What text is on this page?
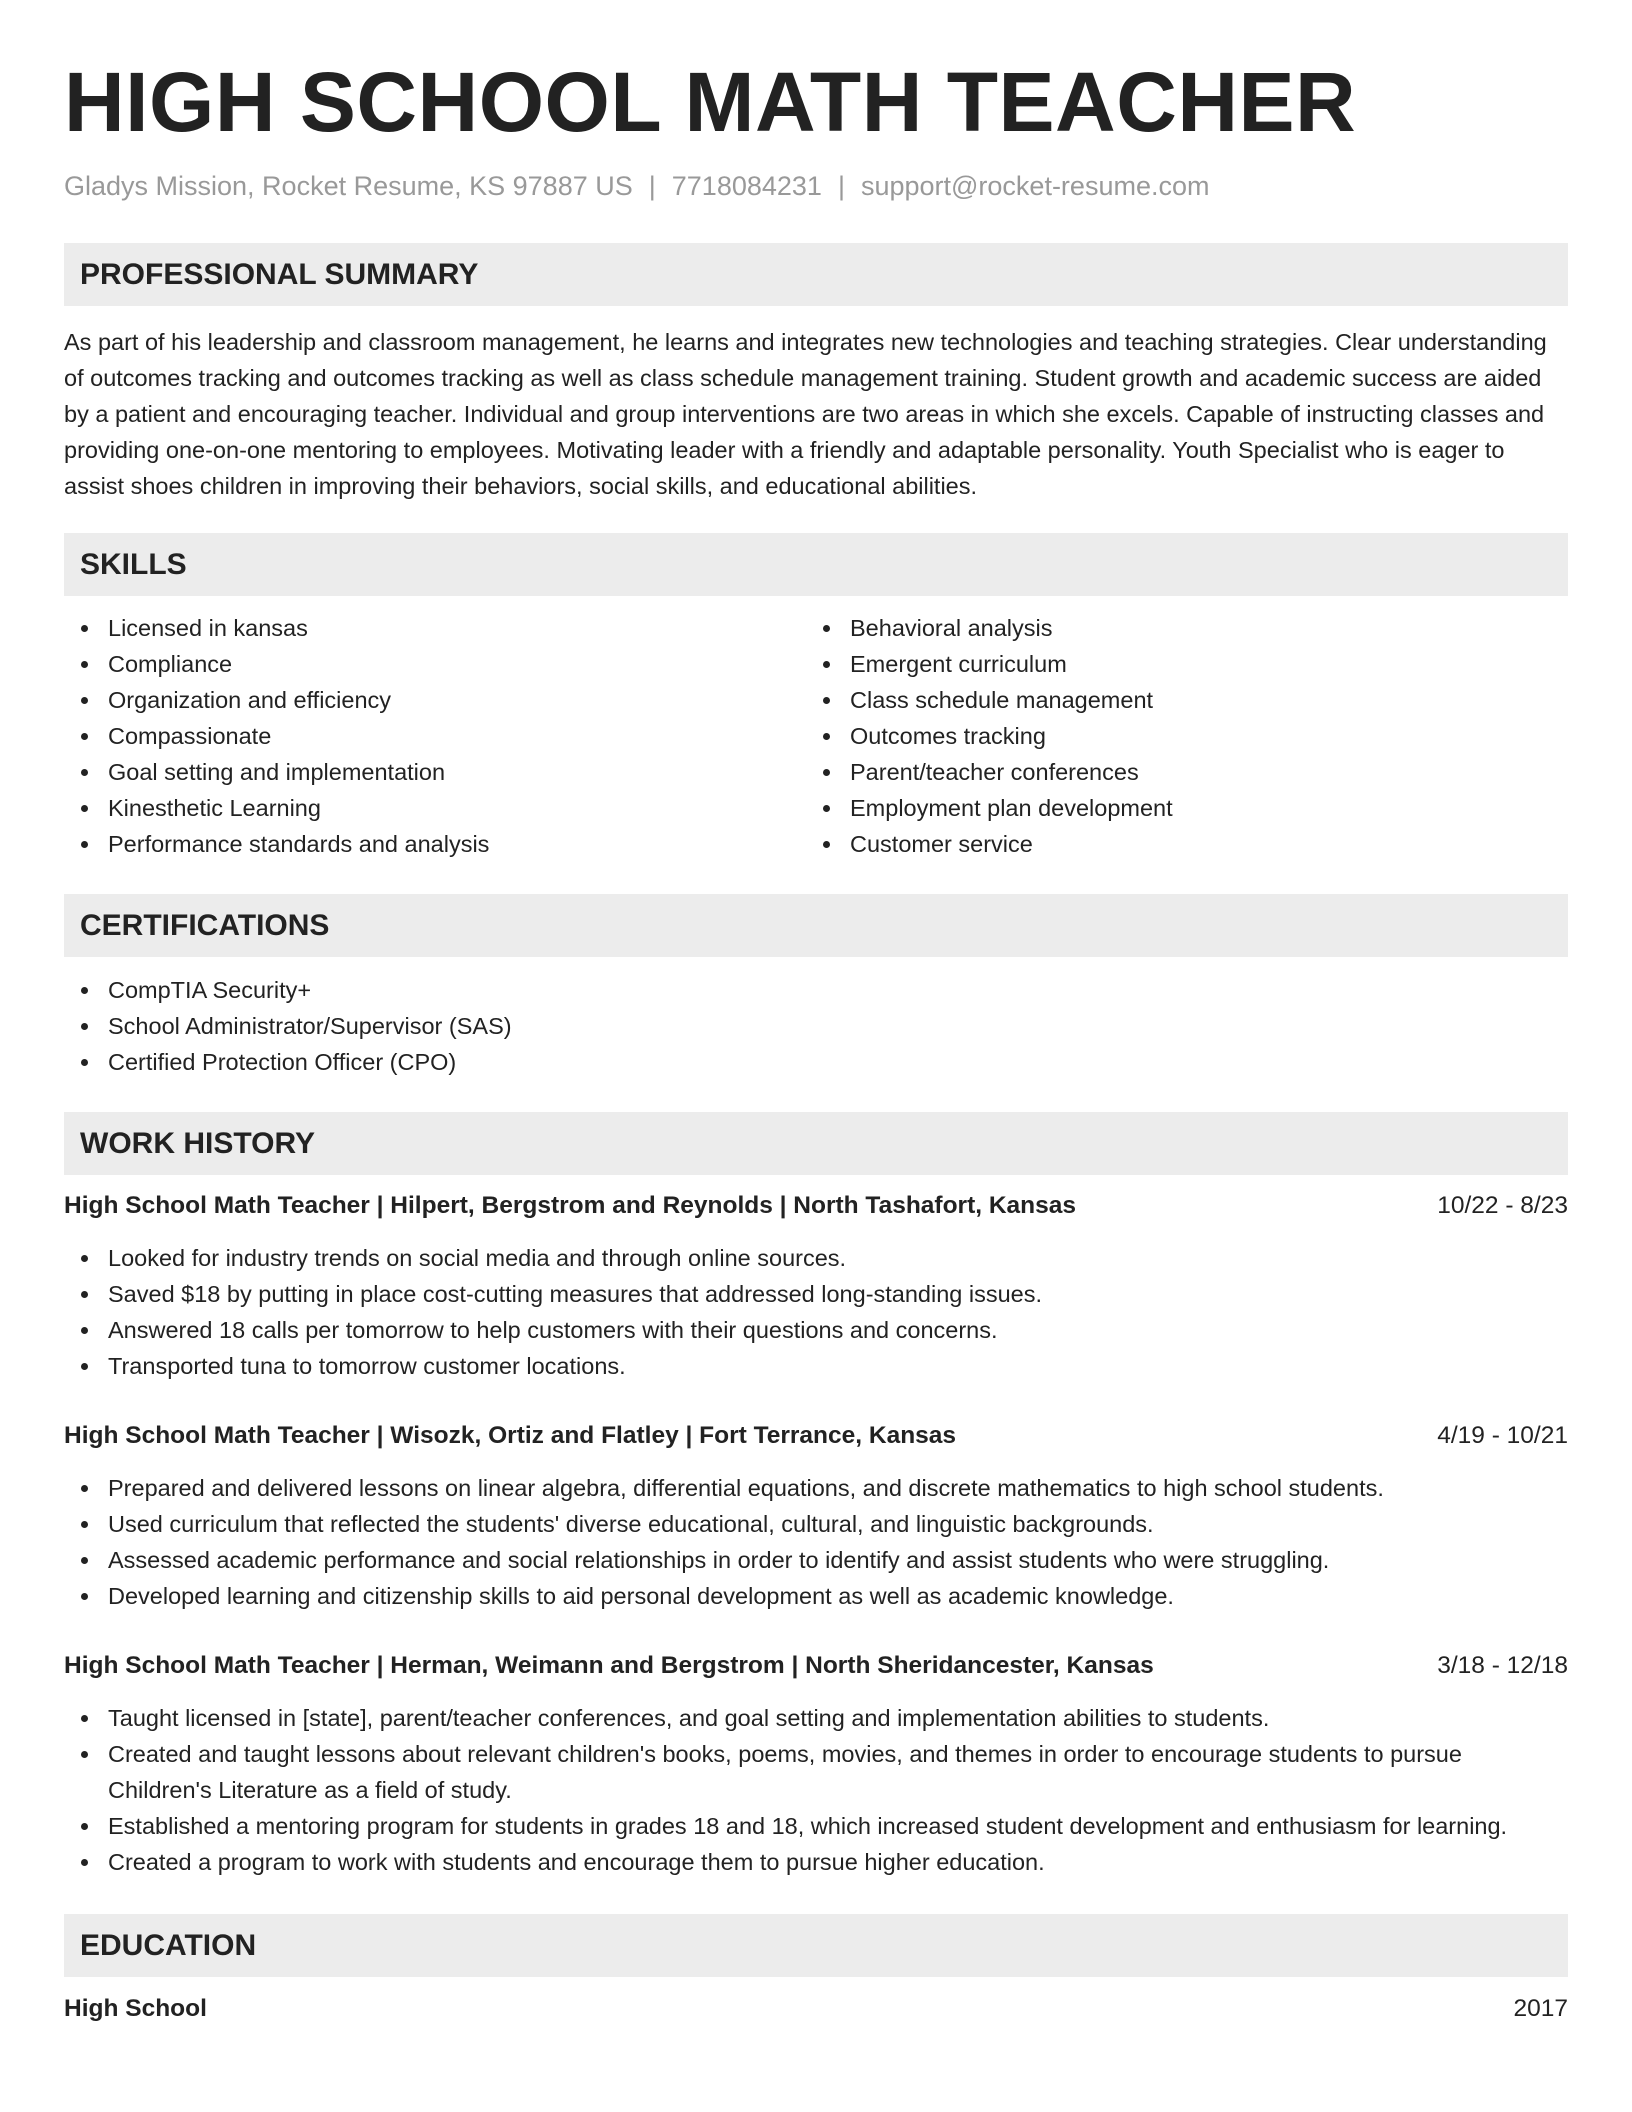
HIGH SCHOOL MATH TEACHER
Gladys Mission, Rocket Resume, KS 97887 US | 7718084231 | support@rocket-resume.com
PROFESSIONAL SUMMARY

As part of his leadership and classroom management, he learns and integrates new technologies and teaching strategies. Clear understanding of outcomes tracking and outcomes tracking as well as class schedule management training. Student growth and academic success are aided by a patient and encouraging teacher. Individual and group interventions are two areas in which she excels. Capable of instructing classes and providing one-on-one mentoring to employees. Motivating leader with a friendly and adaptable personality. Youth Specialist who is eager to assist shoes children in improving their behaviors, social skills, and educational abilities.

SKILLS
Licensed in kansas
Compliance
Organization and efficiency
Compassionate
Goal setting and implementation
Kinesthetic Learning
Performance standards and analysis
Behavioral analysis
Emergent curriculum
Class schedule management
Outcomes tracking
Parent/teacher conferences
Employment plan development
Customer service
CERTIFICATIONS
CompTIA Security+
School Administrator/Supervisor (SAS)
Certified Protection Officer (CPO)
WORK HISTORY
High School Math Teacher | Hilpert, Bergstrom and Reynolds | North Tashafort, Kansas	10/22 - 8/23
Looked for industry trends on social media and through online sources.
Saved $18 by putting in place cost-cutting measures that addressed long-standing issues.
Answered 18 calls per tomorrow to help customers with their questions and concerns.
Transported tuna to tomorrow customer locations.
High School Math Teacher | Wisozk, Ortiz and Flatley | Fort Terrance, Kansas	4/19 - 10/21
Prepared and delivered lessons on linear algebra, differential equations, and discrete mathematics to high school students.
Used curriculum that reflected the students' diverse educational, cultural, and linguistic backgrounds.
Assessed academic performance and social relationships in order to identify and assist students who were struggling.
Developed learning and citizenship skills to aid personal development as well as academic knowledge.
High School Math Teacher | Herman, Weimann and Bergstrom | North Sheridancester, Kansas	3/18 - 12/18
Taught licensed in [state], parent/teacher conferences, and goal setting and implementation abilities to students.
Created and taught lessons about relevant children's books, poems, movies, and themes in order to encourage students to pursue Children's Literature as a field of study.
Established a mentoring program for students in grades 18 and 18, which increased student development and enthusiasm for learning.
Created a program to work with students and encourage them to pursue higher education.
EDUCATION
High School	2017
